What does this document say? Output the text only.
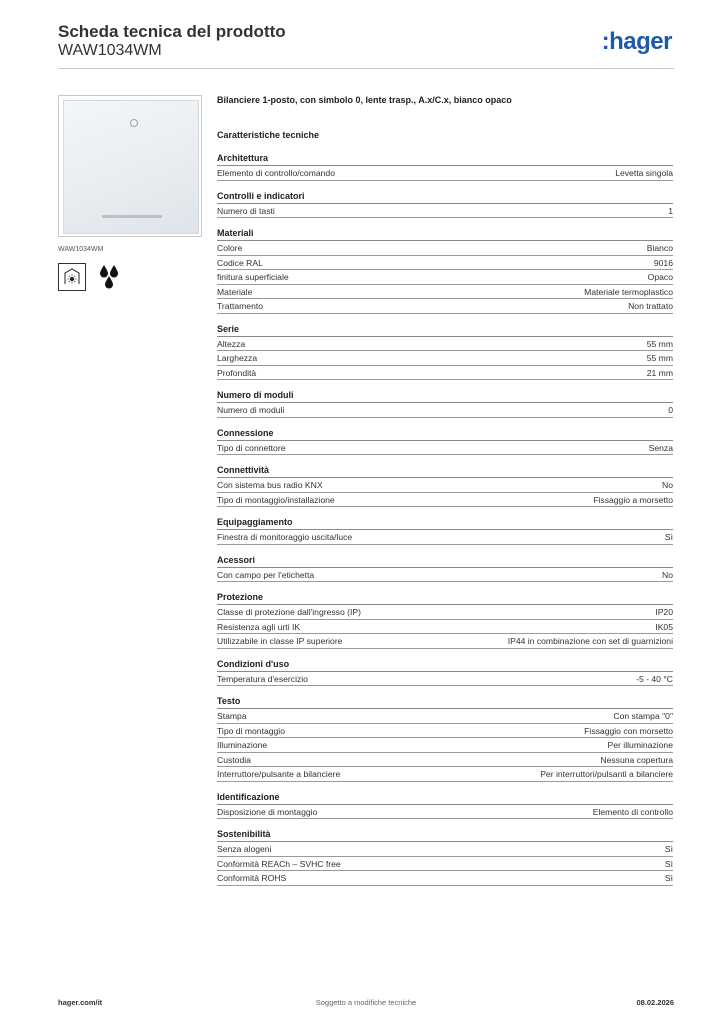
Scheda tecnica del prodotto
WAW1034WM	:hager
WAW1034WM
Bilanciere 1-posto, con simbolo 0, lente trasp., A.x/C.x, bianco opaco
Caratteristiche tecniche
Architettura
Elemento di controllo/comando	Levetta singola
Controlli e indicatori
Numero di tasti	1
Materiali
Colore	Bianco
Codice RAL	9016
finitura superficiale	Opaco
Materiale	Materiale termoplastico
Trattamento	Non trattato
Serie
Altezza	55 mm
Larghezza	55 mm
Profondità	21 mm
Numero di moduli
Numero di moduli	0
Connessione
Tipo di connettore	Senza
Connettività
Con sistema bus radio KNX	No
Tipo di montaggio/installazione	Fissaggio a morsetto
Equipaggiamento
Finestra di monitoraggio uscita/luce	Sì
Acessori
Con campo per l'etichetta	No
Protezione
Classe di protezione dall'ingresso (IP)	IP20
Resistenza agli urti IK	IK05
Utilizzabile in classe IP superiore	IP44 in combinazione con set di guarnizioni
Condizioni d'uso
Temperatura d'esercizio	-5 - 40 °C
Testo
Stampa	Con stampa "0"
Tipo di montaggio	Fissaggio con morsetto
Illuminazione	Per illuminazione
Custodia	Nessuna copertura
Interruttore/pulsante a bilanciere	Per interruttori/pulsanti a bilanciere
Identificazione
Disposizione di montaggio	Elemento di controllo
Sostenibilità
Senza alogeni	Sì
Conformità REACh – SVHC free	Sì
Conformità ROHS	Sì
Soggetto a modifiche tecniche
hager.com/it	08.02.2026
